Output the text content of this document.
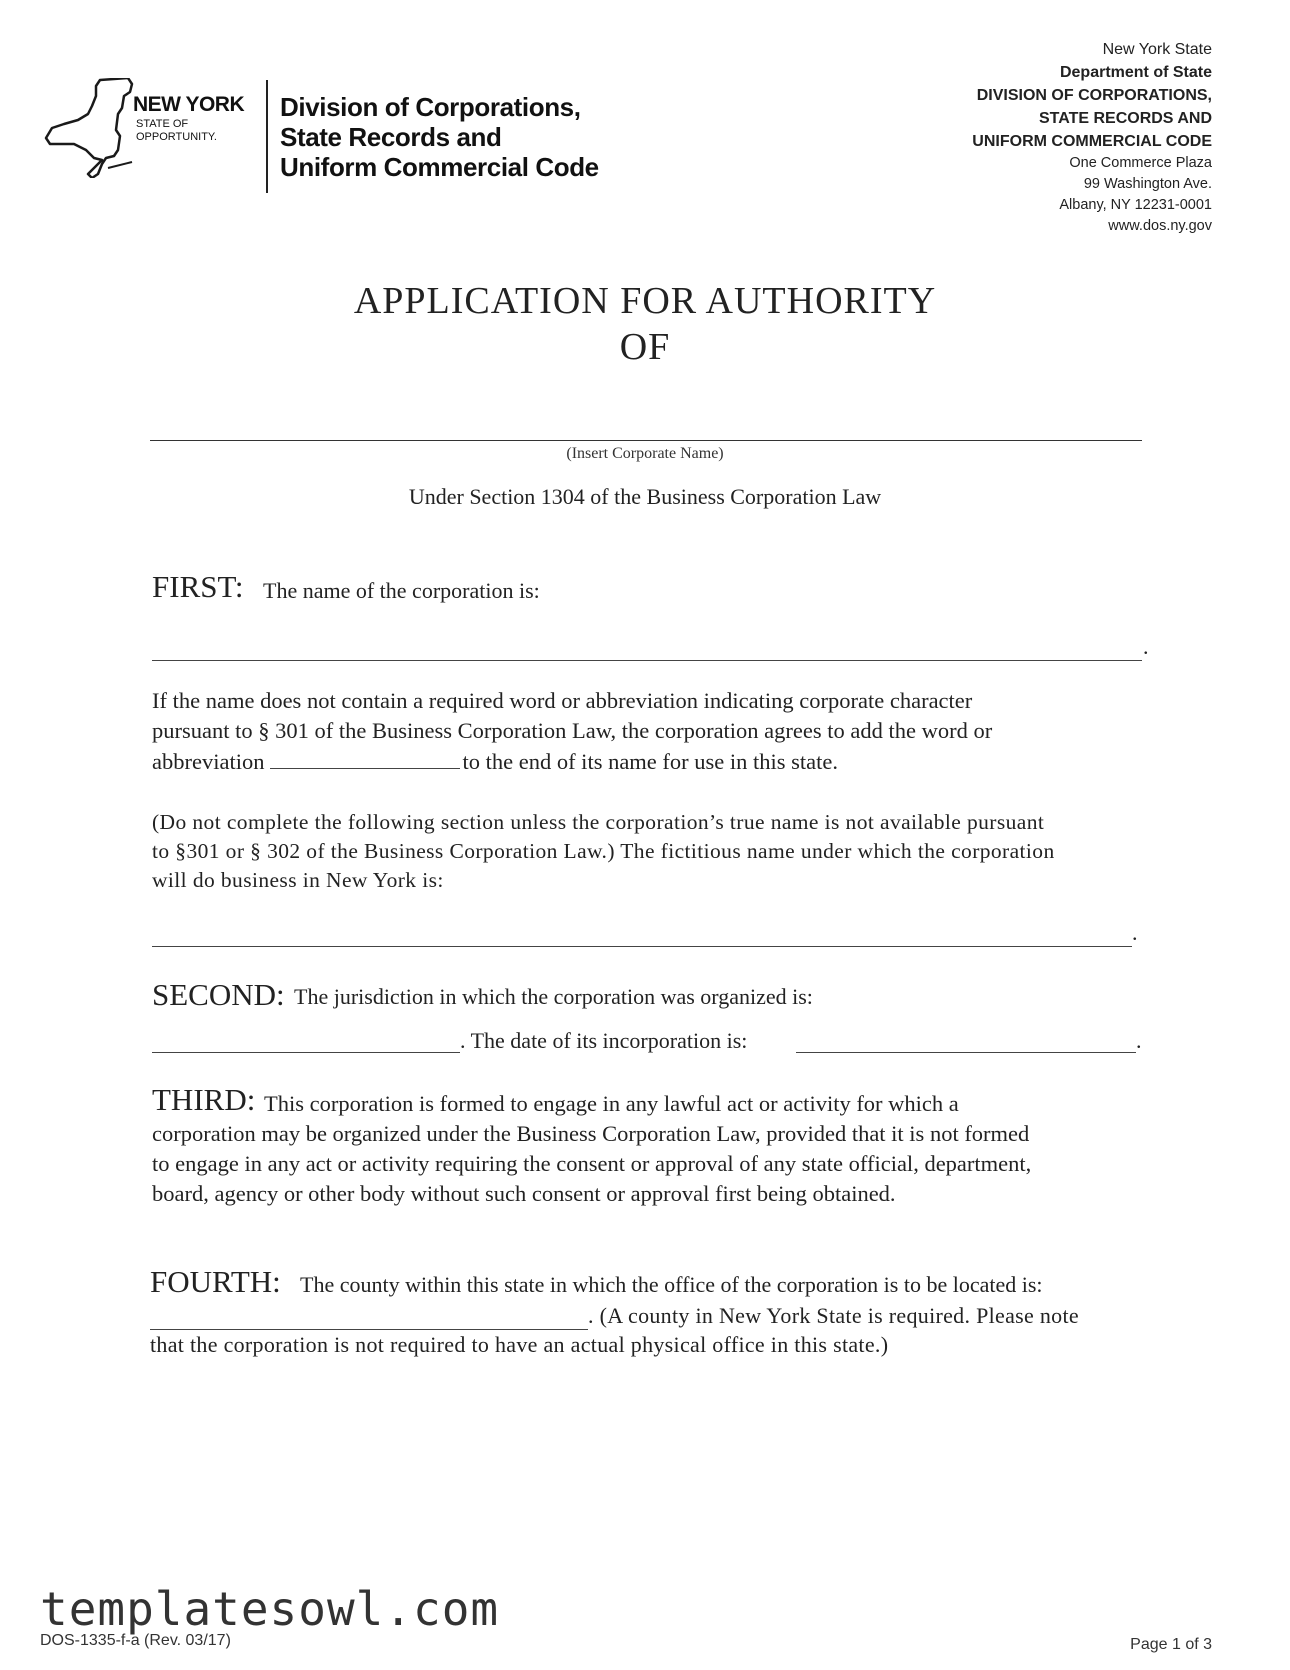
NEW YORK
STATE OF
OPPORTUNITY.
Division of Corporations,
State Records and
Uniform Commercial Code
New York State
Department of State
DIVISION OF CORPORATIONS,
STATE RECORDS AND
UNIFORM COMMERCIAL CODE
One Commerce Plaza
99 Washington Ave.
Albany, NY 12231-0001
www.dos.ny.gov
APPLICATION FOR AUTHORITY
OF
(Insert Corporate Name)
Under Section 1304 of the Business Corporation Law
FIRST: The name of the corporation is:
.
If the name does not contain a required word or abbreviation indicating corporate character
pursuant to § 301 of the Business Corporation Law, the corporation agrees to add the word or
abbreviation	to the end of its name for use in this state.
(Do not complete the following section unless the corporation’s true name is not available pursuant
to §301 or § 302 of the Business Corporation Law.) The fictitious name under which the corporation
will do business in New York is:
.
SECOND: The jurisdiction in which the corporation was organized is:
. The date of its incorporation is:	.
THIRD: This corporation is formed to engage in any lawful act or activity for which a
corporation may be organized under the Business Corporation Law, provided that it is not formed
to engage in any act or activity requiring the consent or approval of any state official, department,
board, agency or other body without such consent or approval first being obtained.
FOURTH: The county within this state in which the office of the corporation is to be located is:
. (A county in New York State is required. Please note
that the corporation is not required to have an actual physical office in this state.)
DOS-1335-f-a (Rev. 03/17)	Page 1 of 3
templatesowl.com
